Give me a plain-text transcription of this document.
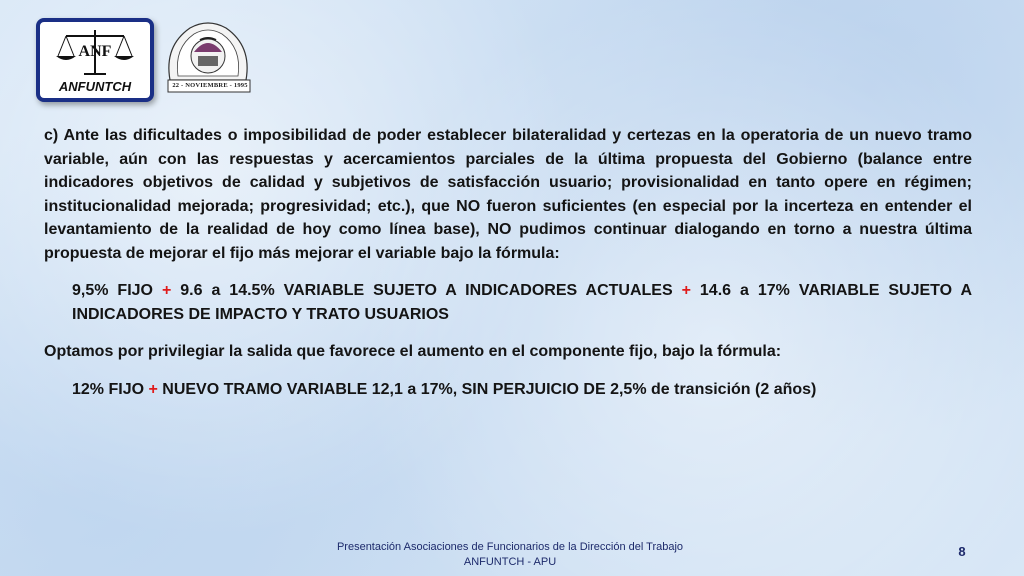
ANF
ANFUNTCH	22 - NOVIEMBRE - 1995

c) Ante las dificultades o imposibilidad de poder establecer bilateralidad y certezas en la operatoria de un nuevo tramo variable, aún con las respuestas y acercamientos parciales de la última propuesta del Gobierno (balance entre indicadores objetivos de calidad y subjetivos de satisfacción usuario; provisionalidad en tanto opere en régimen; institucionalidad mejorada; progresividad; etc.), que NO fueron suficientes (en especial por la incerteza en entender el levantamiento de la realidad de hoy como línea base), NO pudimos continuar dialogando en torno a nuestra última propuesta de mejorar el fijo más mejorar el variable bajo la fórmula:

9,5% FIJO + 9.6 a 14.5% VARIABLE SUJETO A INDICADORES ACTUALES + 14.6 a 17% VARIABLE SUJETO A INDICADORES DE IMPACTO Y TRATO USUARIOS

Optamos por privilegiar la salida que favorece el aumento en el componente fijo, bajo la fórmula:

12% FIJO + NUEVO TRAMO VARIABLE 12,1 a 17%, SIN PERJUICIO DE 2,5% de transición (2 años)

Presentación Asociaciones de Funcionarios de la Dirección del Trabajo
ANFUNTCH - APU
8
